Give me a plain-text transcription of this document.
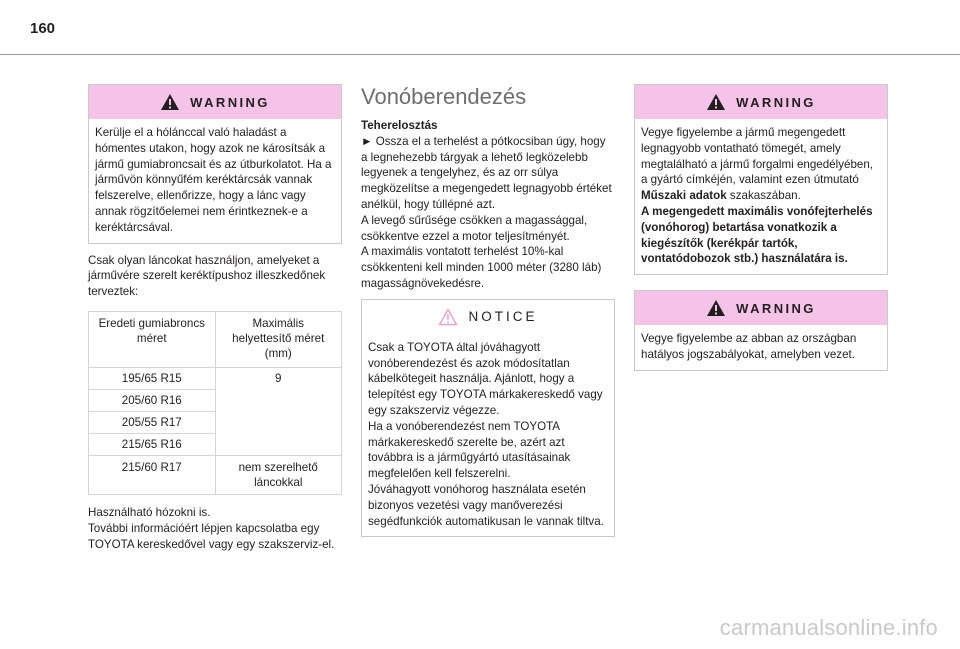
160
WARNING

Kerülje el a hólánccal való haladást a hómentes utakon, hogy azok ne károsítsák a jármű gumiabroncsait és az útburkolatot. Ha a járművön könnyűfém keréktárcsák vannak felszerelve, ellenőrizze, hogy a lánc vagy annak rögzítőelemei nem érintkeznek-e a keréktárcsával.

Csak olyan láncokat használjon, amelyeket a járművére szerelt keréktípushoz illeszkedőnek terveztek:

Eredeti gumiabroncs méret	Maximális helyettesítő méret (mm)
195/65 R15	9
205/60 R16	
205/55 R17	
215/65 R16	
215/60 R17	nem szerelhető láncokkal

Használható hózokni is.

További információért lépjen kapcsolatba egy TOYOTA kereskedővel vagy egy szakszerviz-el.

Vonóberendezés

Teherelosztás

► Ossza el a terhelést a pótkocsiban úgy, hogy a legnehezebb tárgyak a lehető legközelebb legyenek a tengelyhez, és az orr súlya megközelítse a megengedett legnagyobb értéket anélkül, hogy túllépné azt.

A levegő sűrűsége csökken a magassággal, csökkentve ezzel a motor teljesítményét.

A maximális vontatott terhelést 10%-kal csökkenteni kell minden 1000 méter (3280 láb) magasságnövekedésre.

NOTICE

Csak a TOYOTA által jóváhagyott vonóberendezést és azok módosítatlan kábelkötegeit használja. Ajánlott, hogy a telepítést egy TOYOTA márkakereskedő vagy egy szakszerviz végezze.

Ha a vonóberendezést nem TOYOTA márkakereskedő szerelte be, azért azt továbbra is a járműgyártó utasításainak megfelelően kell felszerelni.

Jóváhagyott vonóhorog használata esetén bizonyos vezetési vagy manőverezési segédfunkciók automatikusan le vannak tiltva.

WARNING

Vegye figyelembe a jármű megengedett legnagyobb vontatható tömegét, amely megtalálható a jármű forgalmi engedélyében, a gyártó címkéjén, valamint ezen útmutató Műszaki adatok szakaszában.

A megengedett maximális vonófejterhelés (vonóhorog) betartása vonatkozik a kiegészítők (kerékpár tartók, vontatódobozok stb.) használatára is.

WARNING

Vegye figyelembe az abban az országban hatályos jogszabályokat, amelyben vezet.

carmanualsonline.info
